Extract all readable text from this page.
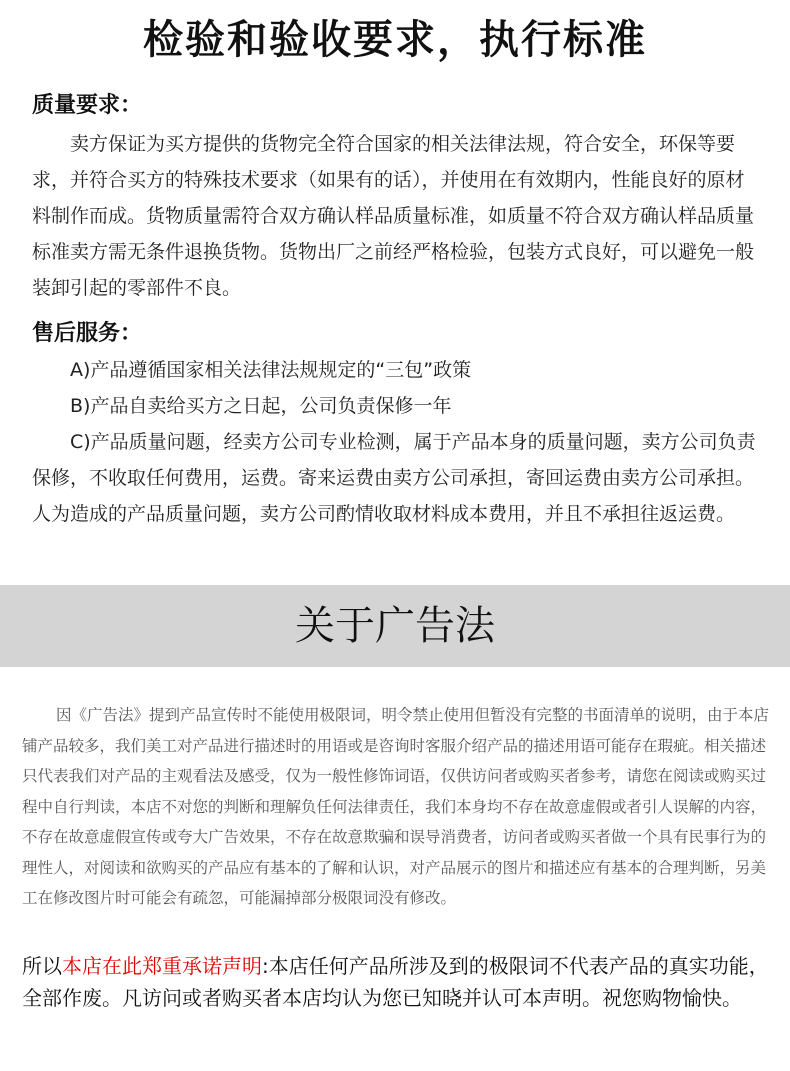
检验和验收要求，执行标准
质量要求：
卖方保证为买方提供的货物完全符合国家的相关法律法规，符合安全，环保等要求，并符合买方的特殊技术要求（如果有的话），并使用在有效期内，性能良好的原材料制作而成。货物质量需符合双方确认样品质量标准，如质量不符合双方确认样品质量标准卖方需无条件退换货物。货物出厂之前经严格检验，包装方式良好，可以避免一般装卸引起的零部件不良。
售后服务：
A)产品遵循国家相关法律法规规定的“三包”政策
B)产品自卖给买方之日起，公司负责保修一年
C)产品质量问题，经卖方公司专业检测，属于产品本身的质量问题，卖方公司负责保修，不收取任何费用，运费。寄来运费由卖方公司承担，寄回运费由卖方公司承担。人为造成的产品质量问题，卖方公司酌情收取材料成本费用，并且不承担往返运费。
关于广告法
因《广告法》提到产品宣传时不能使用极限词，明令禁止使用但暂没有完整的书面清单的说明，由于本店铺产品较多，我们美工对产品进行描述时的用语或是咨询时客服介绍产品的描述用语可能存在瑕疵。相关描述只代表我们对产品的主观看法及感受，仅为一般性修饰词语，仅供访问者或购买者参考，请您在阅读或购买过程中自行判读，本店不对您的判断和理解负任何法律责任，我们本身均不存在故意虚假或者引人误解的内容，不存在故意虚假宣传或夸大广告效果，不存在故意欺骗和误导消费者，访问者或购买者做一个具有民事行为的理性人，对阅读和欲购买的产品应有基本的了解和认识，对产品展示的图片和描述应有基本的合理判断，另美工在修改图片时可能会有疏忽，可能漏掉部分极限词没有修改。
所以本店在此郑重承诺声明:本店任何产品所涉及到的极限词不代表产品的真实功能，全部作废。凡访问或者购买者本店均认为您已知晓并认可本声明。祝您购物愉快。
